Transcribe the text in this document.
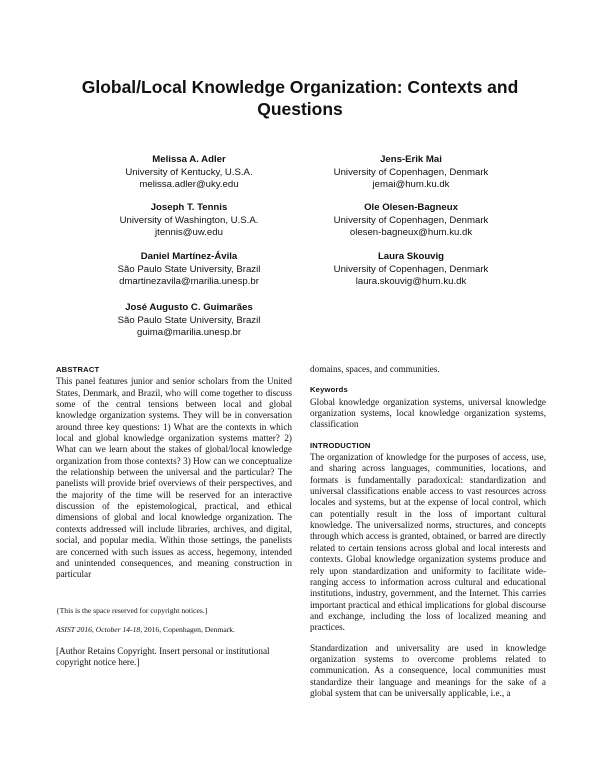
Global/Local Knowledge Organization: Contexts and Questions
Melissa A. Adler
University of Kentucky, U.S.A.
melissa.adler@uky.edu
Joseph T. Tennis
University of Washington, U.S.A.
jtennis@uw.edu
Daniel Martínez-Ávila
São Paulo State University, Brazil
dmartinezavila@marilia.unesp.br
José Augusto C. Guimarães
São Paulo State University, Brazil
guima@marilia.unesp.br
Jens-Erik Mai
University of Copenhagen, Denmark
jemai@hum.ku.dk
Ole Olesen-Bagneux
University of Copenhagen, Denmark
olesen-bagneux@hum.ku.dk
Laura Skouvig
University of Copenhagen, Denmark
laura.skouvig@hum.ku.dk
ABSTRACT

This panel features junior and senior scholars from the United States, Denmark, and Brazil, who will come together to discuss some of the central tensions between local and global knowledge organization systems. They will be in conversation around three key questions: 1) What are the contexts in which local and global knowledge organization systems matter? 2) What can we learn about the stakes of global/local knowledge organization from those contexts? 3) How can we conceptualize the relationship between the universal and the particular? The panelists will provide brief overviews of their perspectives, and the majority of the time will be reserved for an interactive discussion of the epistemological, practical, and ethical dimensions of global and local knowledge organization. The contexts addressed will include libraries, archives, and digital, social, and popular media. Within those settings, the panelists are concerned with such issues as access, hegemony, intended and unintended consequences, and meaning construction in particular

{This is the space reserved for copyright notices.]

ASIST 2016, October 14-18, 2016, Copenhagen, Denmark.

[Author Retains Copyright. Insert personal or institutional copyright notice here.]

domains, spaces, and communities.

Keywords

Global knowledge organization systems, universal knowledge organization systems, local knowledge organization systems, classification

INTRODUCTION

The organization of knowledge for the purposes of access, use, and sharing across languages, communities, locations, and formats is fundamentally paradoxical: standardization and universal classifications enable access to vast resources across locales and systems, but at the expense of local control, which can potentially result in the loss of important cultural knowledge. The universalized norms, structures, and concepts through which access is granted, obtained, or barred are directly related to certain tensions across global and local interests and contexts. Global knowledge organization systems produce and rely upon standardization and uniformity to facilitate wide-ranging access to information across cultural and educational institutions, industry, government, and the Internet. This carries important practical and ethical implications for global discourse and exchange, including the loss of localized meaning and practices.

Standardization and universality are used in knowledge organization systems to overcome problems related to communication. As a consequence, local communities must standardize their language and meanings for the sake of a global system that can be universally applicable, i.e., a
